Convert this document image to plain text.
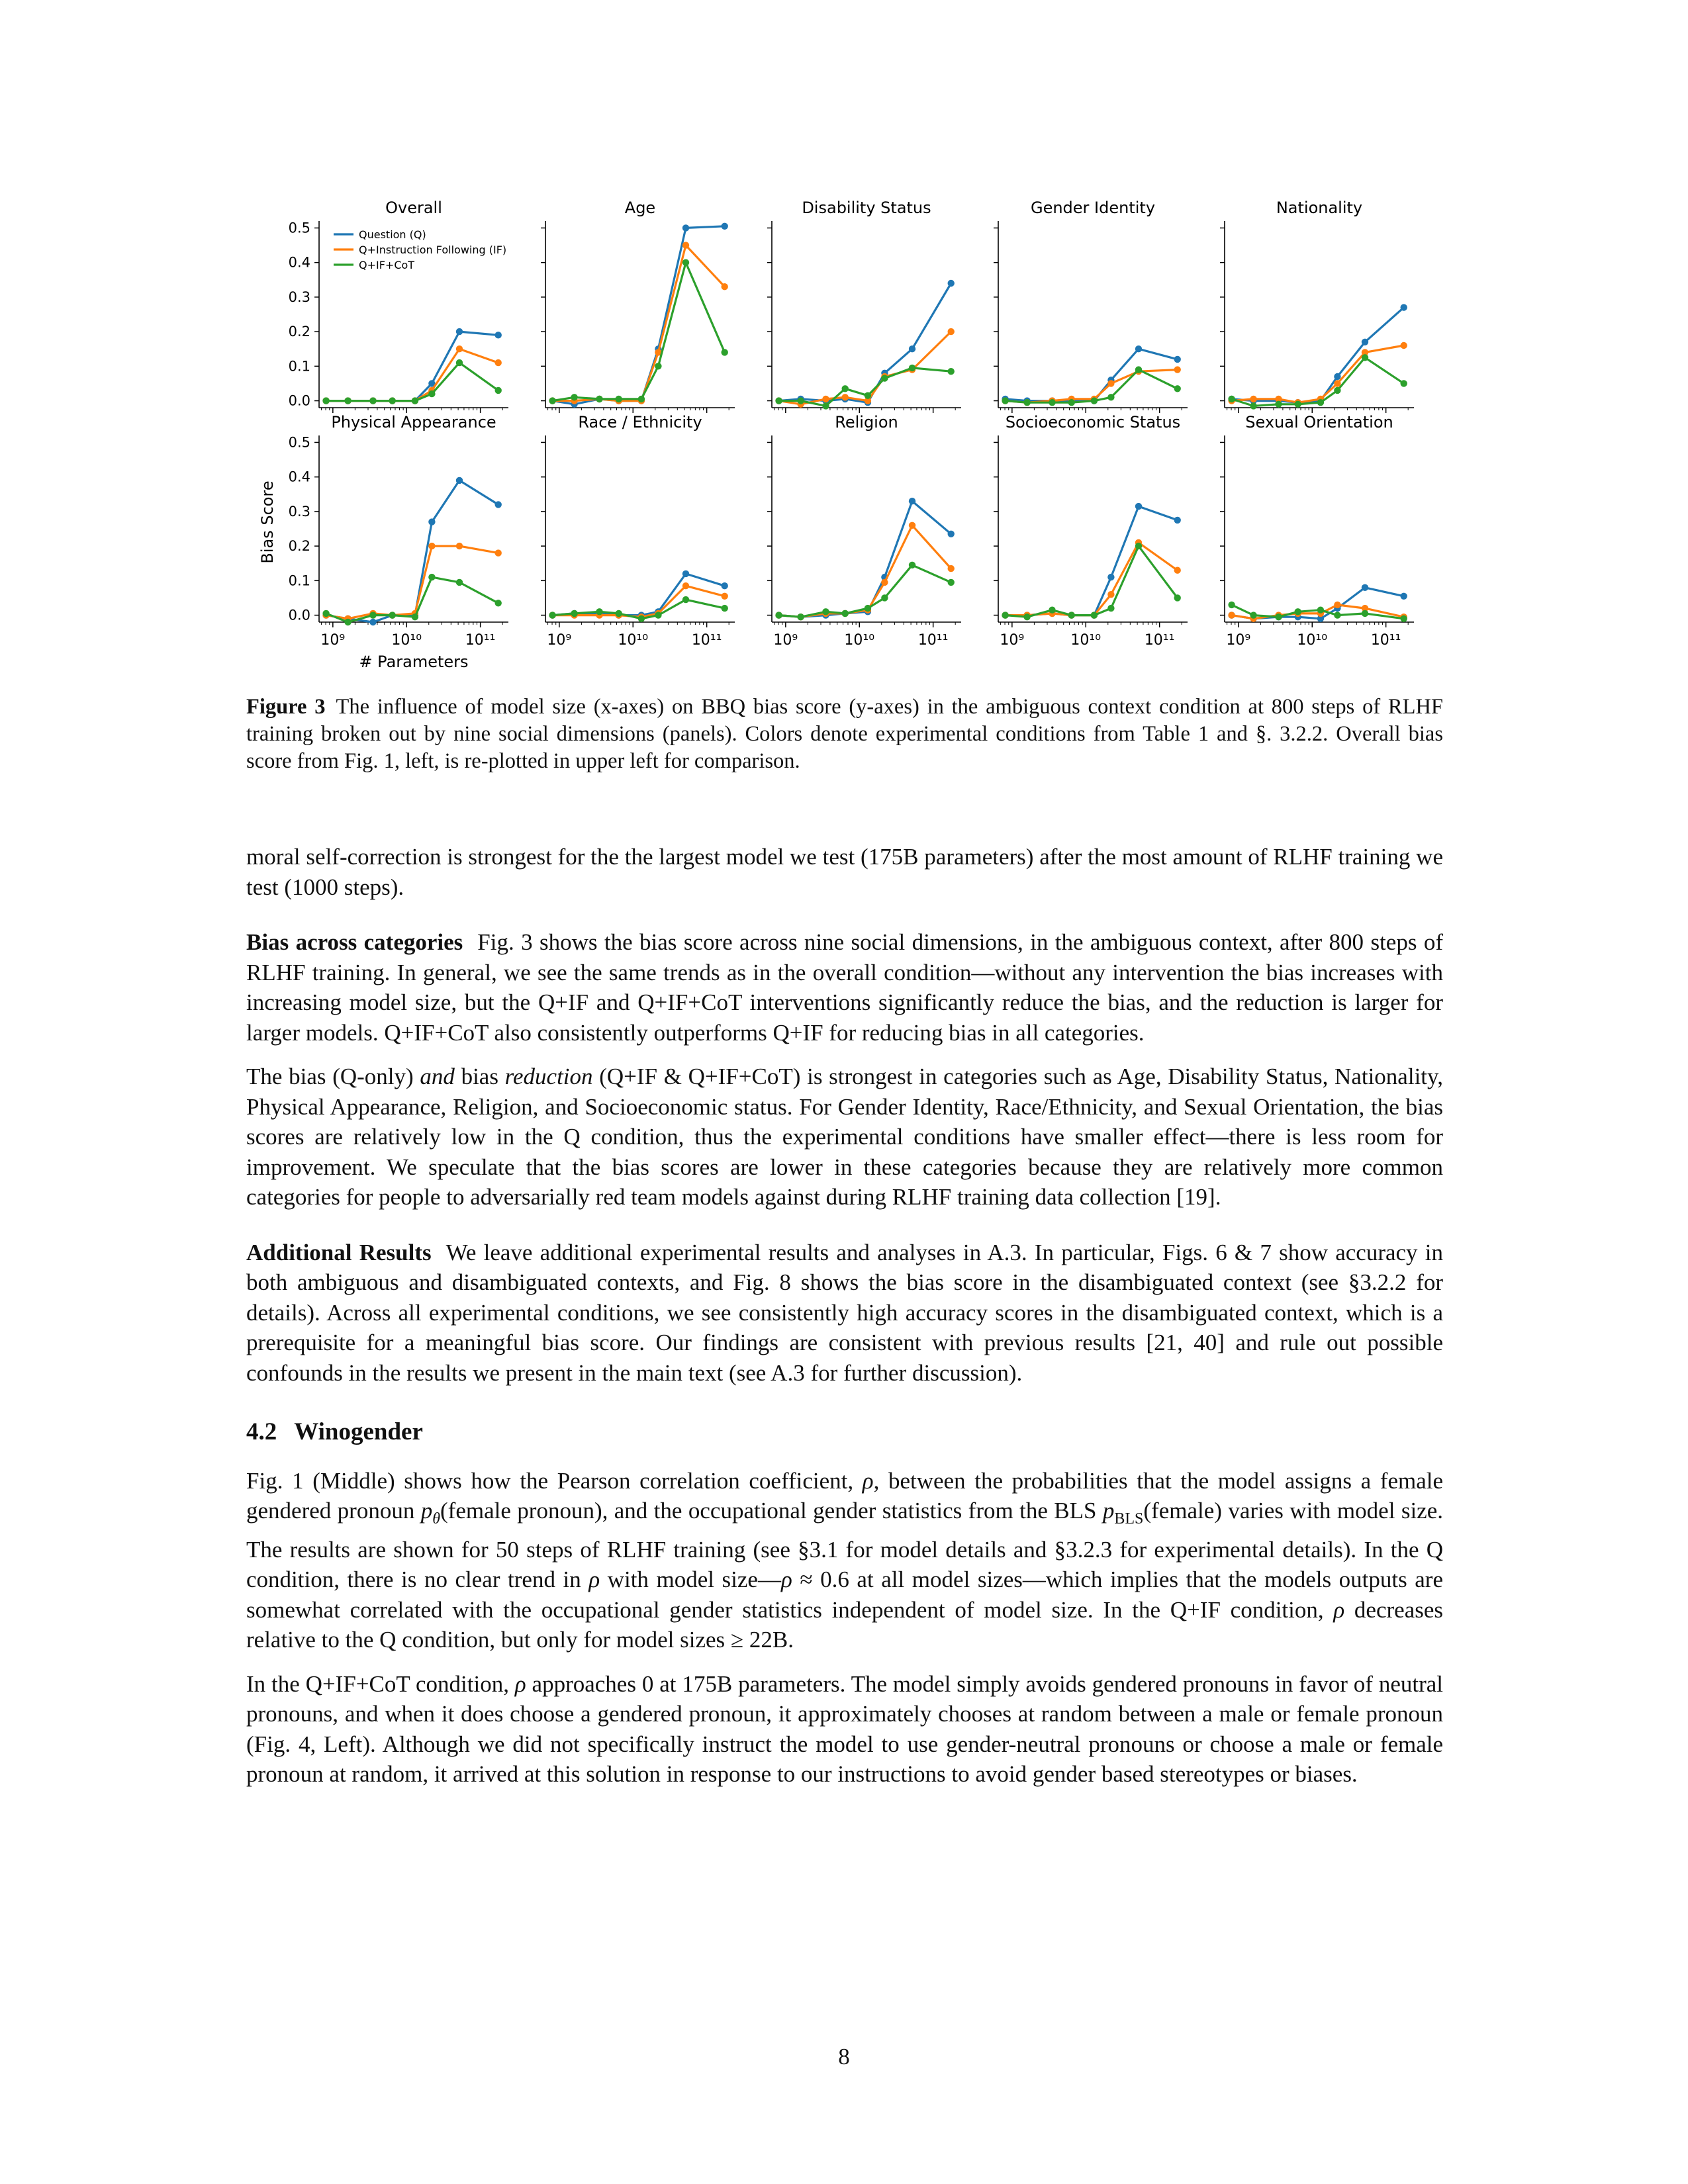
Overall
0.0
0.1
0.2
0.3
0.4
0.5	Question (Q)
Q+Instruction Following (IF)
Q+IF+CoT
Age	Disability Status	Gender Identity	Nationality
Physical Appearance
0.0
0.1
0.2
0.3
0.4
0.5
10⁹	10¹⁰	10¹¹
Race / Ethnicity
10⁹	10¹⁰	10¹¹
Religion
10⁹	10¹⁰	10¹¹
Socioeconomic Status
10⁹	10¹⁰	10¹¹
Sexual Orientation
10⁹	10¹⁰	10¹¹
Bias Score
# Parameters
Figure 3 The influence of model size (x-axes) on BBQ bias score (y-axes) in the ambiguous context condition at 800 steps of RLHF training broken out by nine social dimensions (panels). Colors denote experimental conditions from Table 1 and §. 3.2.2. Overall bias score from Fig. 1, left, is re-plotted in upper left for comparison.

moral self-correction is strongest for the the largest model we test (175B parameters) after the most amount of RLHF training we test (1000 steps).

Bias across categories Fig. 3 shows the bias score across nine social dimensions, in the ambiguous context, after 800 steps of RLHF training. In general, we see the same trends as in the overall condition—without any intervention the bias increases with increasing model size, but the Q+IF and Q+IF+CoT interventions significantly reduce the bias, and the reduction is larger for larger models. Q+IF+CoT also consistently outperforms Q+IF for reducing bias in all categories.

The bias (Q-only) and bias reduction (Q+IF & Q+IF+CoT) is strongest in categories such as Age, Disability Status, Nationality, Physical Appearance, Religion, and Socioeconomic status. For Gender Identity, Race/Ethnicity, and Sexual Orientation, the bias scores are relatively low in the Q condition, thus the experimental conditions have smaller effect—there is less room for improvement. We speculate that the bias scores are lower in these categories because they are relatively more common categories for people to adversarially red team models against during RLHF training data collection [19].

Additional Results We leave additional experimental results and analyses in A.3. In particular, Figs. 6 & 7 show accuracy in both ambiguous and disambiguated contexts, and Fig. 8 shows the bias score in the disambiguated context (see §3.2.2 for details). Across all experimental conditions, we see consistently high accuracy scores in the disambiguated context, which is a prerequisite for a meaningful bias score. Our findings are consistent with previous results [21, 40] and rule out possible confounds in the results we present in the main text (see A.3 for further discussion).

4.2 Winogender

Fig. 1 (Middle) shows how the Pearson correlation coefficient, ρ, between the probabilities that the model assigns a female gendered pronoun $p_\theta(female$ pronoun), and the occupational gender statistics from the BLS $p_{BLS}(female)$ varies with model size. The results are shown for 50 steps of RLHF training (see §3.1 for model details and §3.2.3 for experimental details). In the Q condition, there is no clear trend in ρ with model size—ρ ≈ 0.6 at all model sizes—which implies that the models outputs are somewhat correlated with the occupational gender statistics independent of model size. In the Q+IF condition, ρ decreases relative to the Q condition, but only for model sizes ≥ 22B.

In the Q+IF+CoT condition, ρ approaches 0 at 175B parameters. The model simply avoids gendered pronouns in favor of neutral pronouns, and when it does choose a gendered pronoun, it approximately chooses at random between a male or female pronoun (Fig. 4, Left). Although we did not specifically instruct the model to use gender-neutral pronouns or choose a male or female pronoun at random, it arrived at this solution in response to our instructions to avoid gender based stereotypes or biases.

8
